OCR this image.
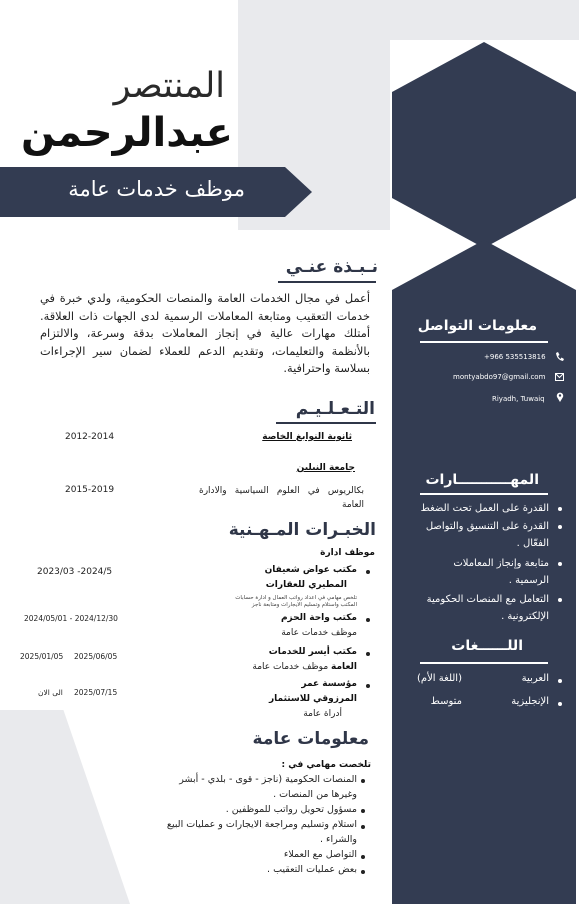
المنتصر
عبدالرحمن
موظف خدمات عامة
نـبـذة عنـي
أعمل في مجال الخدمات العامة والمنصات الحكومية، ولدي خبرة في خدمات التعقيب ومتابعة المعاملات الرسمية لدى الجهات ذات العلاقة. أمتلك مهارات عالية في إنجاز المعاملات بدقة وسرعة، والالتزام بالأنظمة والتعليمات، وتقديم الدعم للعملاء لضمان سير الإجراءات بسلاسة واحترافية.
التـعـلـيـم
ثانوية النوابغ الخاصة
2012-2014
جامعة النيلين
بكالريوس في العلوم السياسية والادارة العامة
2015-2019
الخبـرات المـهـنية
موظف ادارة
مكتب عواض شعيفان
المطيري للعقارات
تلخص مهامي في اعداد رواتب العمال و ادارة حسابات
المكتب واستلام وتسليم الايجارات ومتابعة ناجز
2023/03 -2024/5
مكتب واحة الحزم
موظف خدمات عامة
2024/05/01 - 2024/12/30
مكتب أيسر للخدمات
العامة موظف خدمات عامة
2025/01/05 2025/06/05
مؤسسة عمر
المرزوقي للاستثمار
أدراة عامة
2025/07/15
الى الان
معلومات عامة
تلخصت مهامي في :
المنصات الحكومية (ناجز - قوى - بلدي - أبشر
وغيرها من المنصات .
مسؤول تحويل رواتب للموظفين .
استلام وتسليم ومراجعة الايجارات و عمليات البيع
والشراء .
التواصل مع العملاء
بعض عمليات التعقيب .
معلومات التواصل
+966 535513816
montyabdo97@gmail.com
Riyadh, Tuwaiq
المهـــــــــــارات
القدرة على العمل تحت الضغط
القدرة على التنسيق والتواصل الفعّال .
متابعة وإنجاز المعاملات الرسمية .
التعامل مع المنصات الحكومية الإلكترونية .
اللــــــغات
العربية
(اللغة الأم)
الإنجليزية
متوسط
